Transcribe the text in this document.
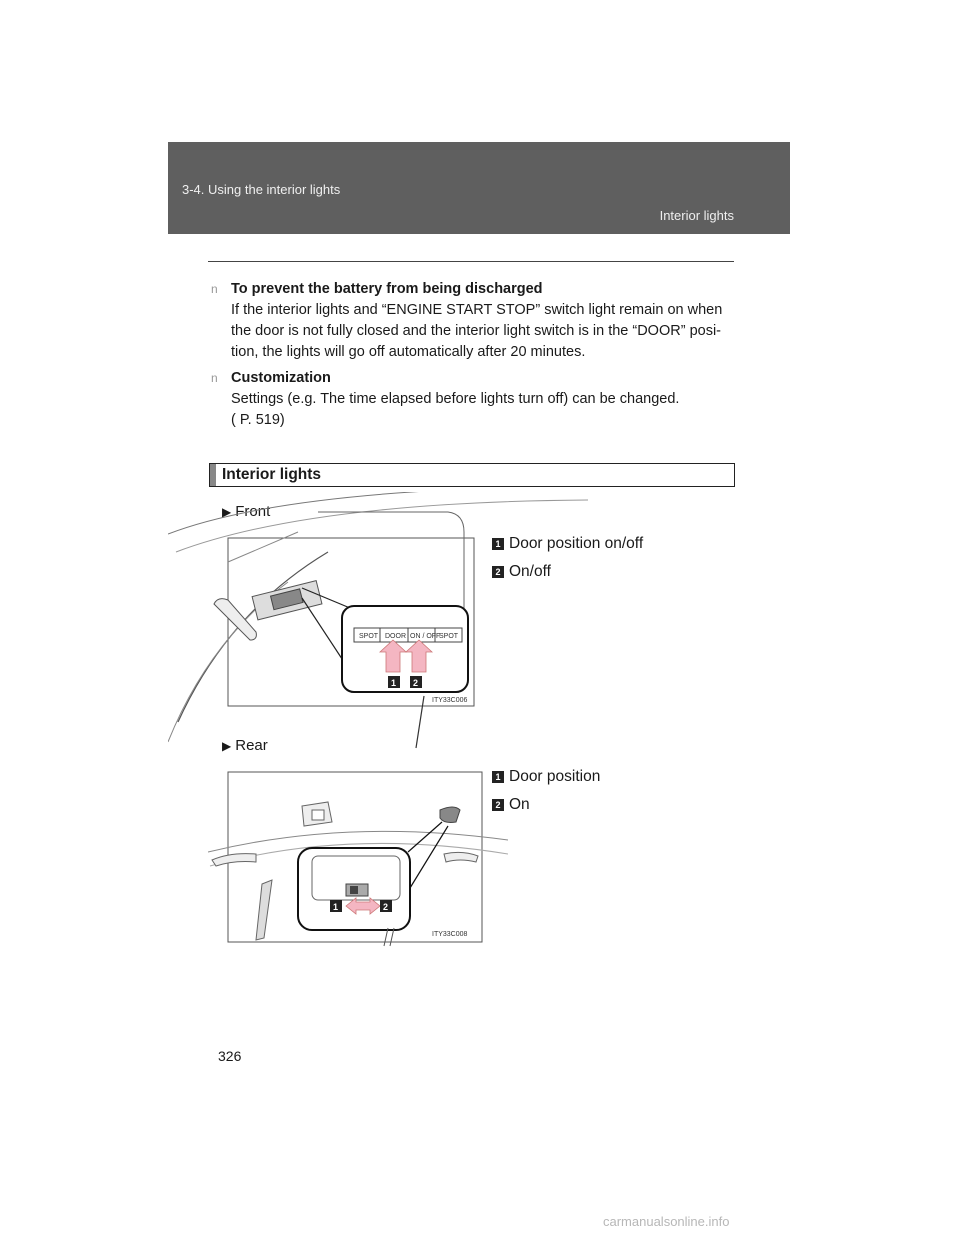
3‑4. Using the interior lights
Interior lights
n To prevent the battery from being discharged
If the interior lights and “ENGINE START STOP” switch light remain on when
the door is not fully closed and the interior light switch is in the “DOOR” posi‑
tion, the lights will go off automatically after 20 minutes.
n Customization
Settings (e.g. The time elapsed before lights turn off) can be changed.
( P. 519)
Interior lights
▶ Front
1 Door position on/off
2 On/off
SPOT DOOR ON / OFF
SPOT
1 2
ITY33C006
▶ Rear
1 Door position
2 On
1	2
ITY33C008
326
carmanualsonline.info
